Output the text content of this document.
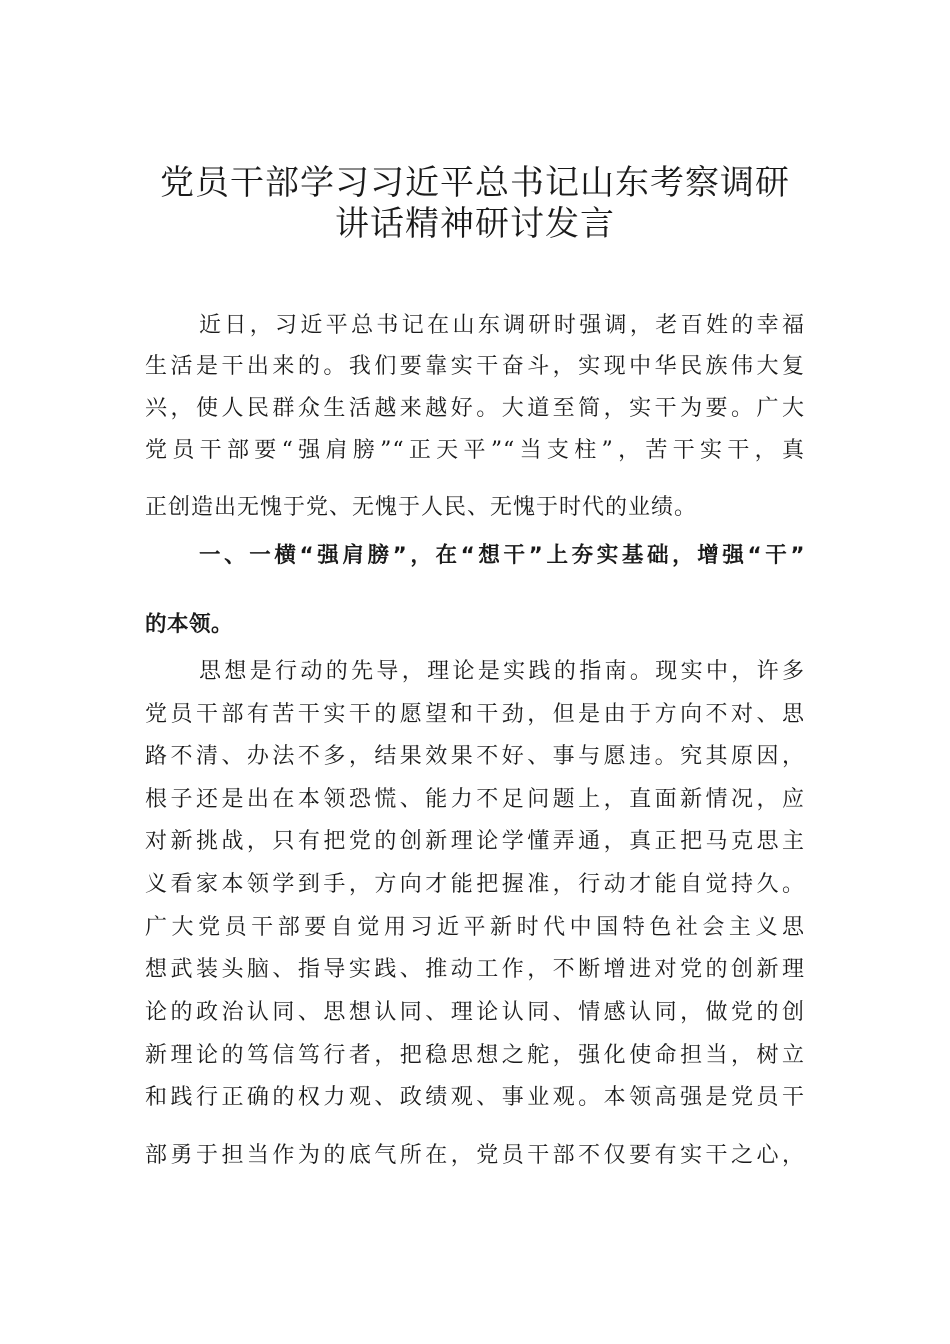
党员干部学习习近平总书记山东考察调研
讲话精神研讨发言

近日，习近平总书记在山东调研时强调，老百姓的幸福

生活是干出来的。我们要靠实干奋斗，实现中华民族伟大复

兴，使人民群众生活越来越好。大道至简，实干为要。广大

党员干部要“强肩膀”“正天平”“当支柱”，苦干实干，真

正创造出无愧于党、无愧于人民、无愧于时代的业绩。

一、一横“强肩膀”，在“想干”上夯实基础，增强“干”

的本领。

思想是行动的先导，理论是实践的指南。现实中，许多

党员干部有苦干实干的愿望和干劲，但是由于方向不对、思

路不清、办法不多，结果效果不好、事与愿违。究其原因，

根子还是出在本领恐慌、能力不足问题上，直面新情况，应

对新挑战，只有把党的创新理论学懂弄通，真正把马克思主

义看家本领学到手，方向才能把握准，行动才能自觉持久。

广大党员干部要自觉用习近平新时代中国特色社会主义思

想武装头脑、指导实践、推动工作，不断增进对党的创新理

论的政治认同、思想认同、理论认同、情感认同，做党的创

新理论的笃信笃行者，把稳思想之舵，强化使命担当，树立

和践行正确的权力观、政绩观、事业观。本领高强是党员干

部勇于担当作为的底气所在，党员干部不仅要有实干之心，
